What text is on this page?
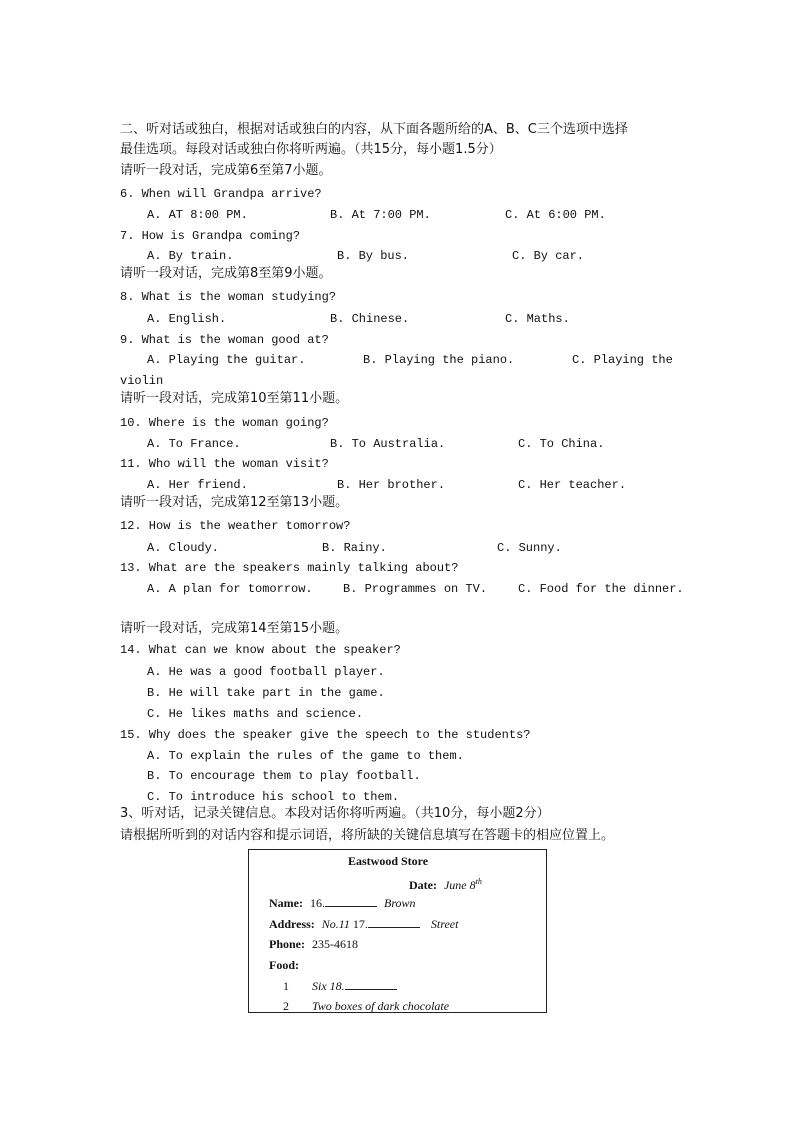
二、听对话或独白，根据对话或独白的内容，从下面各题所给的A、B、C三个选项中选择
最佳选项。每段对话或独白你将听两遍。（共15分，每小题1.5分）
请听一段对话，完成第6至第7小题。
6. When will Grandpa arrive?
A. AT 8:00 PM.	B. At 7:00 PM.	C. At 6:00 PM.
7. How is Grandpa coming?
A. By train.	B. By bus.	C. By car.
请听一段对话，完成第8至第9小题。
8. What is the woman studying?
A. English.	B. Chinese.	C. Maths.
9. What is the woman good at?
A. Playing the guitar.	B. Playing the piano.	C. Playing the
violin
请听一段对话，完成第10至第11小题。
10. Where is the woman going?
A. To France.	B. To Australia.	C. To China.
11. Who will the woman visit?
A. Her friend.	B. Her brother.	C. Her teacher.
请听一段对话，完成第12至第13小题。
12. How is the weather tomorrow?
A. Cloudy.	B. Rainy.	C. Sunny.
13. What are the speakers mainly talking about?
A. A plan for tomorrow.	B. Programmes on TV.	C. Food for the dinner.
请听一段对话，完成第14至第15小题。
14. What can we know about the speaker?
A. He was a good football player.
B. He will take part in the game.
C. He likes maths and science.
15. Why does the speaker give the speech to the students?
A. To explain the rules of the game to them.
B. To encourage them to play football.
C. To introduce his school to them.
3、听对话，记录关键信息。本段对话你将听两遍。（共10分，每小题2分）
请根据所听到的对话内容和提示词语，将所缺的关键信息填写在答题卡的相应位置上。
Eastwood Store
Date: June 8th
Name: 16.	Brown
Address: No.11 17.	Street
Phone: 235-4618
Food:
1 Six 18.
2 Two boxes of dark chocolate
